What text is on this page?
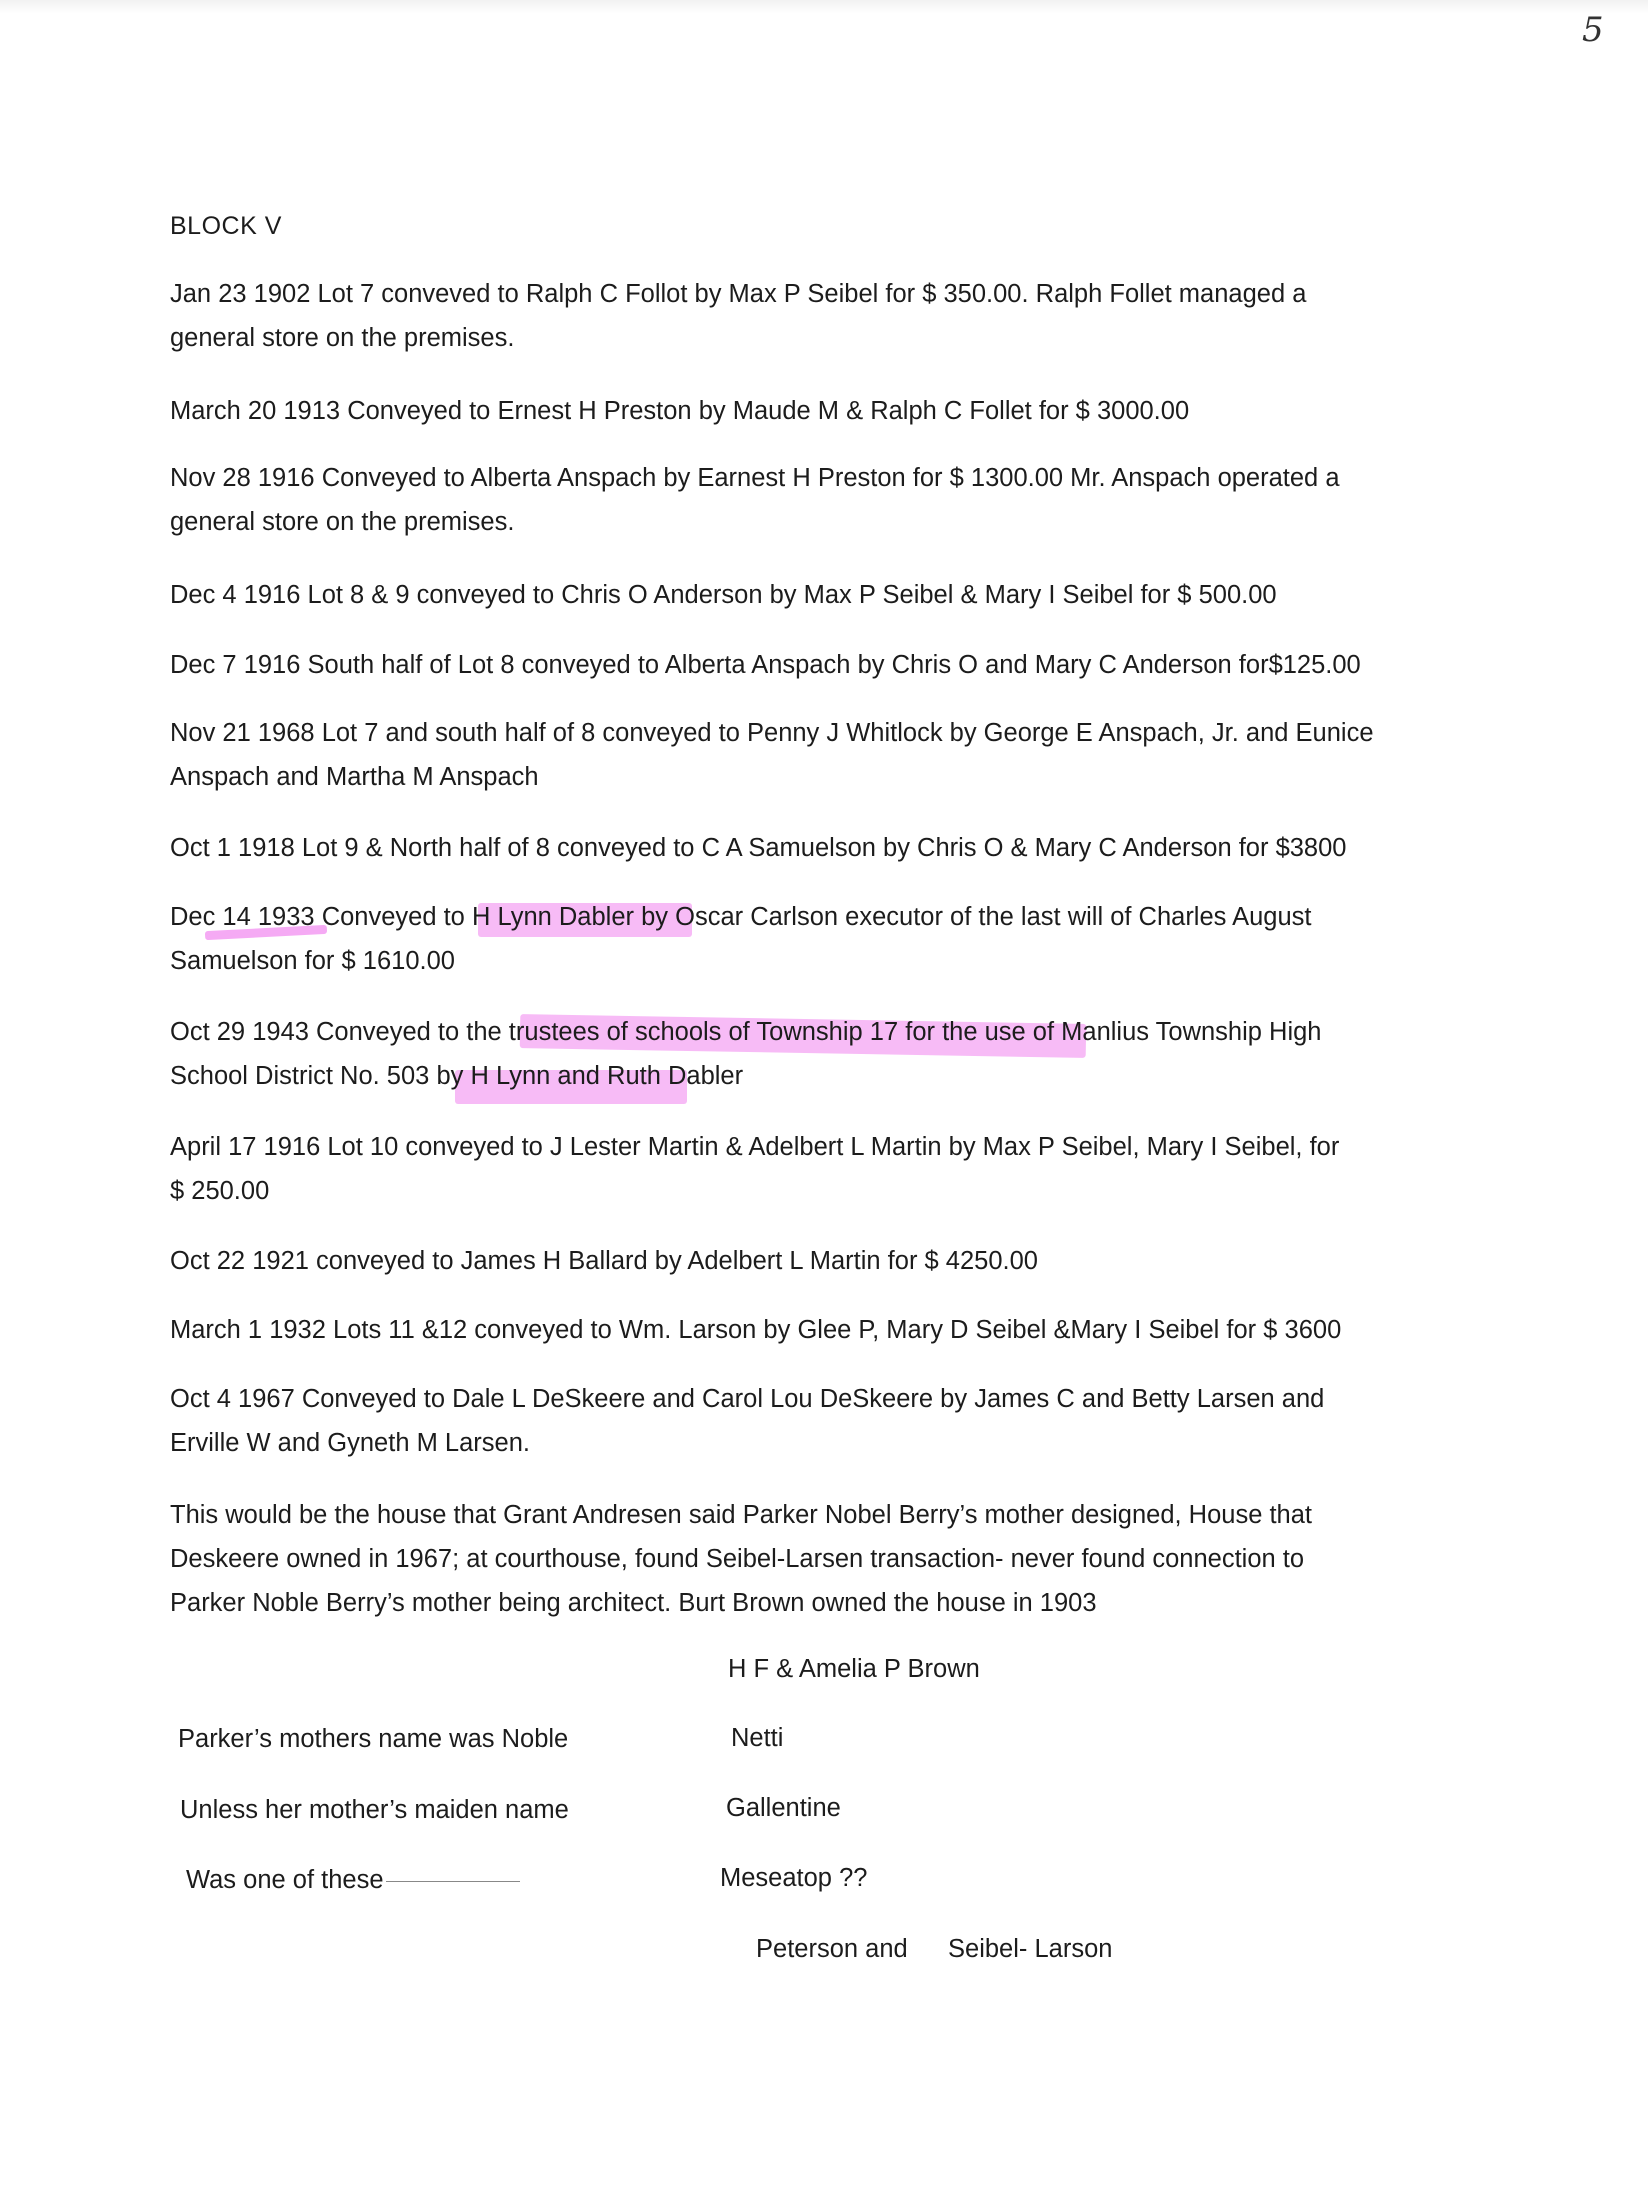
5
BLOCK V

Jan 23 1902 Lot 7 conveved to Ralph C Follot by Max P Seibel for $ 350.00. Ralph Follet managed a
general store on the premises.

March 20 1913 Conveyed to Ernest H Preston by Maude M & Ralph C Follet for $ 3000.00

Nov 28 1916 Conveyed to Alberta Anspach by Earnest H Preston for $ 1300.00 Mr. Anspach operated a
general store on the premises.

Dec 4 1916 Lot 8 & 9 conveyed to Chris O Anderson by Max P Seibel & Mary I Seibel for $ 500.00

Dec 7 1916 South half of Lot 8 conveyed to Alberta Anspach by Chris O and Mary C Anderson for$125.00

Nov 21 1968 Lot 7 and south half of 8 conveyed to Penny J Whitlock by George E Anspach, Jr. and Eunice
Anspach and Martha M Anspach

Oct 1 1918 Lot 9 & North half of 8 conveyed to C A Samuelson by Chris O & Mary C Anderson for $3800

Dec 14 1933 Conveyed to H Lynn Dabler by Oscar Carlson executor of the last will of Charles August
Samuelson for $ 1610.00

Oct 29 1943 Conveyed to the trustees of schools of Township 17 for the use of Manlius Township High
School District No. 503 by H Lynn and Ruth Dabler

April 17 1916 Lot 10 conveyed to J Lester Martin & Adelbert L Martin by Max P Seibel, Mary I Seibel, for
$ 250.00

Oct 22 1921 conveyed to James H Ballard by Adelbert L Martin for $ 4250.00

March 1 1932 Lots 11 &12 conveyed to Wm. Larson by Glee P, Mary D Seibel &Mary I Seibel for $ 3600

Oct 4 1967 Conveyed to Dale L DeSkeere and Carol Lou DeSkeere by James C and Betty Larsen and
Erville W and Gyneth M Larsen.

This would be the house that Grant Andresen said Parker Nobel Berry’s mother designed, House that
Deskeere owned in 1967; at courthouse, found Seibel-Larsen transaction- never found connection to
Parker Noble Berry’s mother being architect. Burt Brown owned the house in 1903

H F & Amelia P Brown
Parker’s mothers name was Noble	Netti
Unless her mother’s maiden name	Gallentine
Was one of these	Meseatop ??
Peterson and Seibel- Larson
